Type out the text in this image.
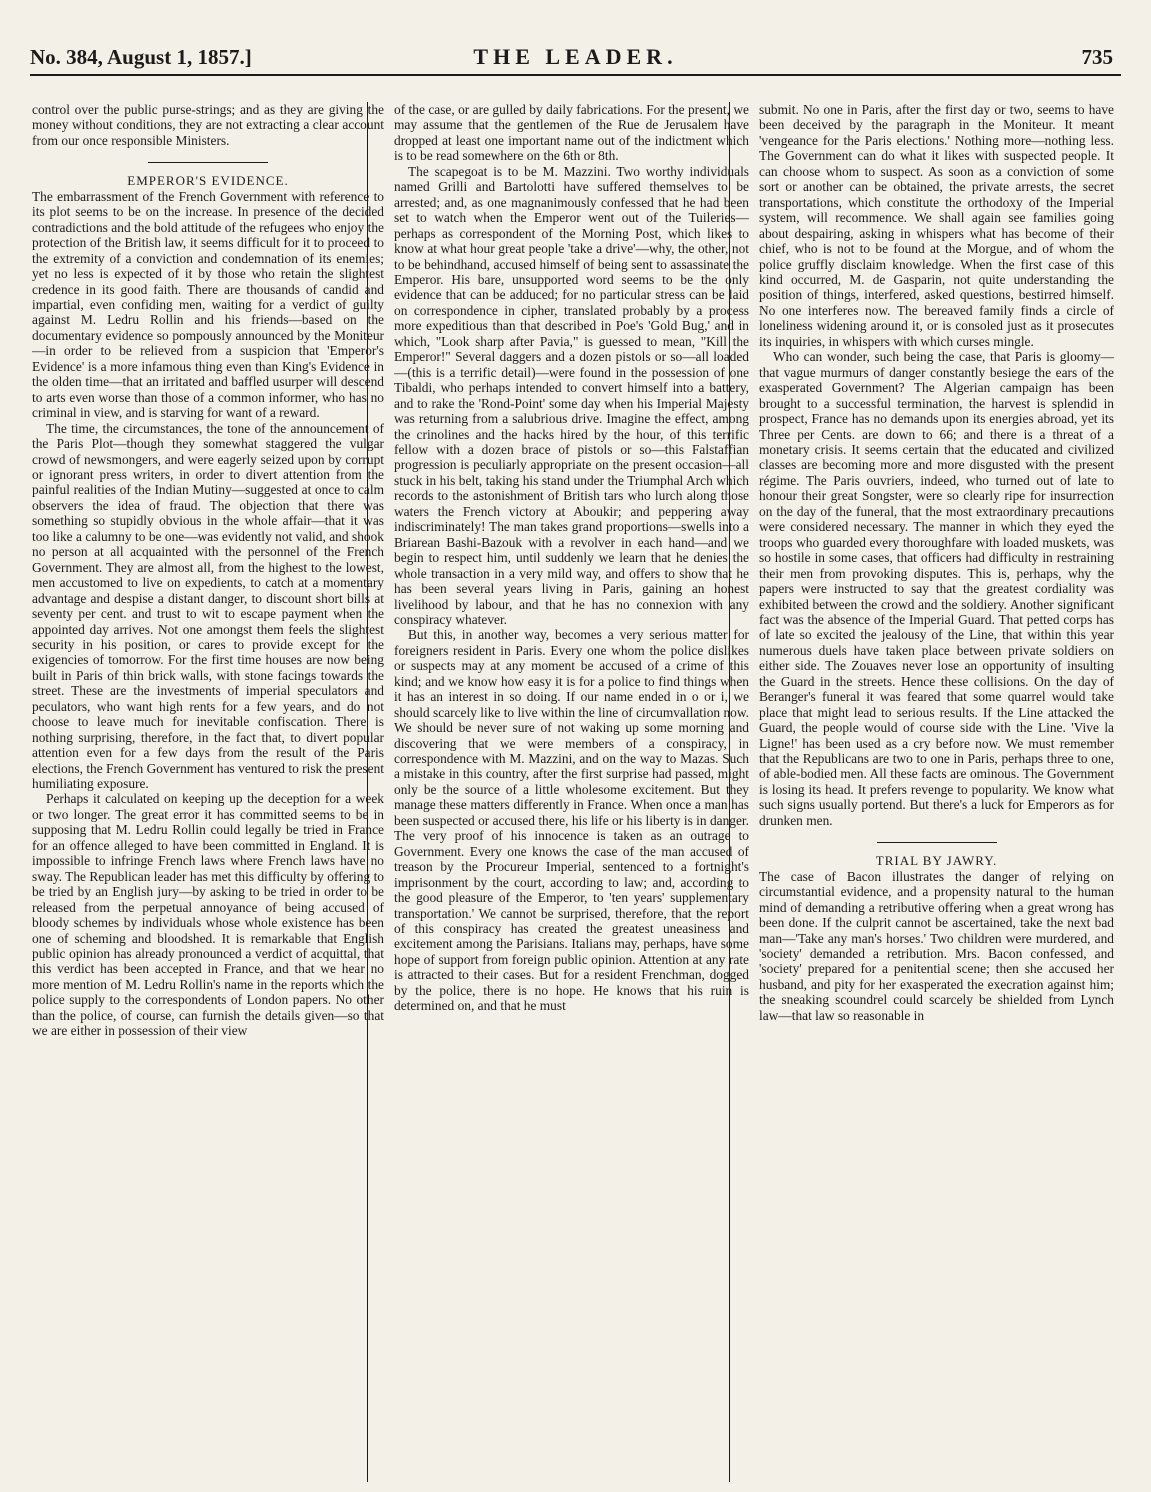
No. 384, August 1, 1857.]	THE LEADER.	735

control over the public purse-strings; and as they are giving the money without conditions, they are not extracting a clear account from our once responsible Ministers.

EMPEROR'S EVIDENCE.

The embarrassment of the French Government with reference to its plot seems to be on the increase. In presence of the decided contradictions and the bold attitude of the refugees who enjoy the protection of the British law, it seems difficult for it to proceed to the extremity of a conviction and condemnation of its enemies; yet no less is expected of it by those who retain the slightest credence in its good faith. There are thousands of candid and impartial, even confiding men, waiting for a verdict of guilty against M. Ledru Rollin and his friends—based on the documentary evidence so pompously announced by the Moniteur—in order to be relieved from a suspicion that 'Emperor's Evidence' is a more infamous thing even than King's Evidence in the olden time—that an irritated and baffled usurper will descend to arts even worse than those of a common informer, who has no criminal in view, and is starving for want of a reward.

The time, the circumstances, the tone of the announcement of the Paris Plot—though they somewhat staggered the vulgar crowd of newsmongers, and were eagerly seized upon by corrupt or ignorant press writers, in order to divert attention from the painful realities of the Indian Mutiny—suggested at once to calm observers the idea of fraud. The objection that there was something so stupidly obvious in the whole affair—that it was too like a calumny to be one—was evidently not valid, and shook no person at all acquainted with the personnel of the French Government. They are almost all, from the highest to the lowest, men accustomed to live on expedients, to catch at a momentary advantage and despise a distant danger, to discount short bills at seventy per cent. and trust to wit to escape payment when the appointed day arrives. Not one amongst them feels the slightest security in his position, or cares to provide except for the exigencies of tomorrow. For the first time houses are now being built in Paris of thin brick walls, with stone facings towards the street. These are the investments of imperial speculators and peculators, who want high rents for a few years, and do not choose to leave much for inevitable confiscation. There is nothing surprising, therefore, in the fact that, to divert popular attention even for a few days from the result of the Paris elections, the French Government has ventured to risk the present humiliating exposure.

Perhaps it calculated on keeping up the deception for a week or two longer. The great error it has committed seems to be in supposing that M. Ledru Rollin could legally be tried in France for an offence alleged to have been committed in England. It is impossible to infringe French laws where French laws have no sway. The Republican leader has met this difficulty by offering to be tried by an English jury—by asking to be tried in order to be released from the perpetual annoyance of being accused of bloody schemes by individuals whose whole existence has been one of scheming and bloodshed. It is remarkable that English public opinion has already pronounced a verdict of acquittal, that this verdict has been accepted in France, and that we hear no more mention of M. Ledru Rollin's name in the reports which the police supply to the correspondents of London papers. No other than the police, of course, can furnish the details given—so that we are either in possession of their view

of the case, or are gulled by daily fabrications. For the present, we may assume that the gentlemen of the Rue de Jerusalem have dropped at least one important name out of the indictment which is to be read somewhere on the 6th or 8th.

The scapegoat is to be M. Mazzini. Two worthy individuals named Grilli and Bartolotti have suffered themselves to be arrested; and, as one magnanimously confessed that he had been set to watch when the Emperor went out of the Tuileries—perhaps as correspondent of the Morning Post, which likes to know at what hour great people 'take a drive'—why, the other, not to be behindhand, accused himself of being sent to assassinate the Emperor. His bare, unsupported word seems to be the only evidence that can be adduced; for no particular stress can be laid on correspondence in cipher, translated probably by a process more expeditious than that described in Poe's 'Gold Bug,' and in which, "Look sharp after Pavia," is guessed to mean, "Kill the Emperor!" Several daggers and a dozen pistols or so—all loaded—(this is a terrific detail)—were found in the possession of one Tibaldi, who perhaps intended to convert himself into a battery, and to rake the 'Rond-Point' some day when his Imperial Majesty was returning from a salubrious drive. Imagine the effect, among the crinolines and the hacks hired by the hour, of this terrific fellow with a dozen brace of pistols or so—this Falstaffian progression is peculiarly appropriate on the present occasion—all stuck in his belt, taking his stand under the Triumphal Arch which records to the astonishment of British tars who lurch along those waters the French victory at Aboukir; and peppering away indiscriminately! The man takes grand proportions—swells into a Briarean Bashi-Bazouk with a revolver in each hand—and we begin to respect him, until suddenly we learn that he denies the whole transaction in a very mild way, and offers to show that he has been several years living in Paris, gaining an honest livelihood by labour, and that he has no connexion with any conspiracy whatever.

But this, in another way, becomes a very serious matter for foreigners resident in Paris. Every one whom the police dislikes or suspects may at any moment be accused of a crime of this kind; and we know how easy it is for a police to find things when it has an interest in so doing. If our name ended in o or i, we should scarcely like to live within the line of circumvallation now. We should be never sure of not waking up some morning and discovering that we were members of a conspiracy, in correspondence with M. Mazzini, and on the way to Mazas. Such a mistake in this country, after the first surprise had passed, might only be the source of a little wholesome excitement. But they manage these matters differently in France. When once a man has been suspected or accused there, his life or his liberty is in danger. The very proof of his innocence is taken as an outrage to Government. Every one knows the case of the man accused of treason by the Procureur Imperial, sentenced to a fortnight's imprisonment by the court, according to law; and, according to the good pleasure of the Emperor, to 'ten years' supplementary transportation.' We cannot be surprised, therefore, that the report of this conspiracy has created the greatest uneasiness and excitement among the Parisians. Italians may, perhaps, have some hope of support from foreign public opinion. Attention at any rate is attracted to their cases. But for a resident Frenchman, dogged by the police, there is no hope. He knows that his ruin is determined on, and that he must

submit. No one in Paris, after the first day or two, seems to have been deceived by the paragraph in the Moniteur. It meant 'vengeance for the Paris elections.' Nothing more—nothing less. The Government can do what it likes with suspected people. It can choose whom to suspect. As soon as a conviction of some sort or another can be obtained, the private arrests, the secret transportations, which constitute the orthodoxy of the Imperial system, will recommence. We shall again see families going about despairing, asking in whispers what has become of their chief, who is not to be found at the Morgue, and of whom the police gruffly disclaim knowledge. When the first case of this kind occurred, M. de Gasparin, not quite understanding the position of things, interfered, asked questions, bestirred himself. No one interferes now. The bereaved family finds a circle of loneliness widening around it, or is consoled just as it prosecutes its inquiries, in whispers with which curses mingle.

Who can wonder, such being the case, that Paris is gloomy—that vague murmurs of danger constantly besiege the ears of the exasperated Government? The Algerian campaign has been brought to a successful termination, the harvest is splendid in prospect, France has no demands upon its energies abroad, yet its Three per Cents. are down to 66; and there is a threat of a monetary crisis. It seems certain that the educated and civilized classes are becoming more and more disgusted with the present régime. The Paris ouvriers, indeed, who turned out of late to honour their great Songster, were so clearly ripe for insurrection on the day of the funeral, that the most extraordinary precautions were considered necessary. The manner in which they eyed the troops who guarded every thoroughfare with loaded muskets, was so hostile in some cases, that officers had difficulty in restraining their men from provoking disputes. This is, perhaps, why the papers were instructed to say that the greatest cordiality was exhibited between the crowd and the soldiery. Another significant fact was the absence of the Imperial Guard. That petted corps has of late so excited the jealousy of the Line, that within this year numerous duels have taken place between private soldiers on either side. The Zouaves never lose an opportunity of insulting the Guard in the streets. Hence these collisions. On the day of Beranger's funeral it was feared that some quarrel would take place that might lead to serious results. If the Line attacked the Guard, the people would of course side with the Line. 'Vive la Ligne!' has been used as a cry before now. We must remember that the Republicans are two to one in Paris, perhaps three to one, of able-bodied men. All these facts are ominous. The Government is losing its head. It prefers revenge to popularity. We know what such signs usually portend. But there's a luck for Emperors as for drunken men.

TRIAL BY JAWRY.

The case of Bacon illustrates the danger of relying on circumstantial evidence, and a propensity natural to the human mind of demanding a retributive offering when a great wrong has been done. If the culprit cannot be ascertained, take the next bad man—'Take any man's horses.' Two children were murdered, and 'society' demanded a retribution. Mrs. Bacon confessed, and 'society' prepared for a penitential scene; then she accused her husband, and pity for her exasperated the execration against him; the sneaking scoundrel could scarcely be shielded from Lynch law—that law so reasonable in
